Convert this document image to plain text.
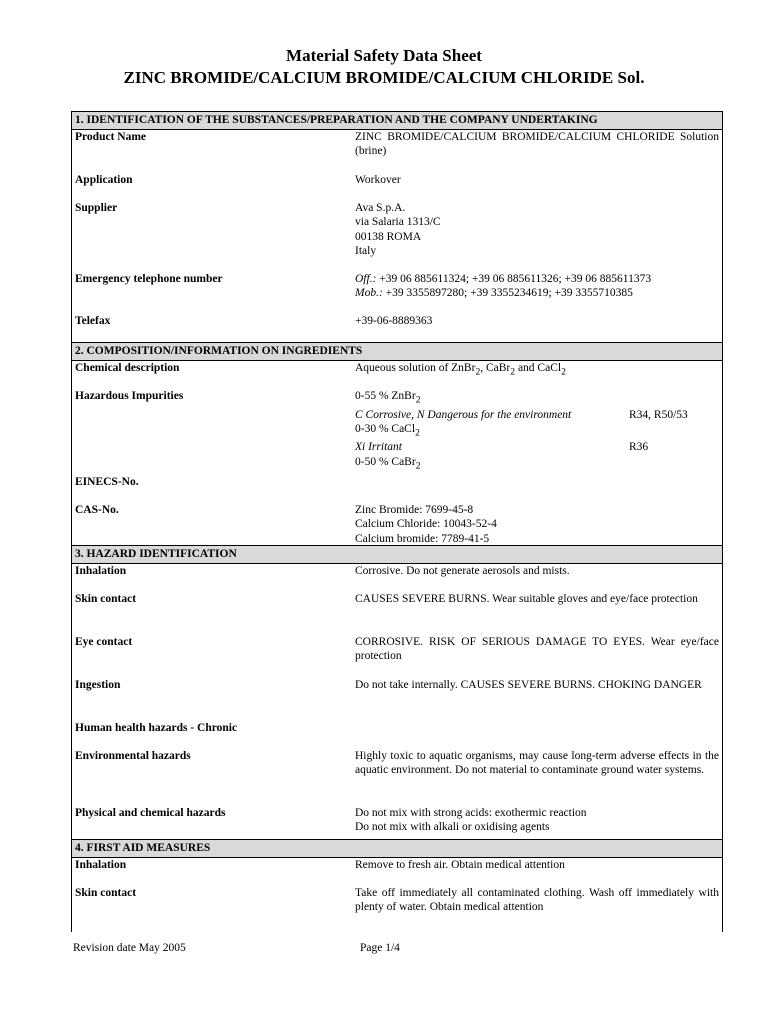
Material Safety Data Sheet
ZINC BROMIDE/CALCIUM BROMIDE/CALCIUM CHLORIDE Sol.
1. IDENTIFICATION OF THE SUBSTANCES/PREPARATION AND THE COMPANY UNDERTAKING
Product Name	ZINC BROMIDE/CALCIUM BROMIDE/CALCIUM CHLORIDE Solution (brine)
Application	Workover
Supplier	Ava S.p.A.
via Salaria 1313/C
00138 ROMA
Italy
Emergency telephone number	Off.: +39 06 885611324; +39 06 885611326; +39 06 885611373
Mob.: +39 3355897280; +39 3355234619; +39 3355710385
Telefax	+39-06-8889363
2. COMPOSITION/INFORMATION ON INGREDIENTS
Chemical description	Aqueous solution of ZnBr$_2$, CaBr$_2$ and CaCl$_2$
Hazardous Impurities	0-55 % ZnBr$_2$
C Corrosive, N Dangerous for the environment	R34, R50/53
0-30 % CaCl$_2$
Xi Irritant	R36
0-50 % CaBr$_2$
EINECS-No.
CAS-No.	Zinc Bromide: 7699-45-8
Calcium Chloride: 10043-52-4
Calcium bromide: 7789-41-5
3. HAZARD IDENTIFICATION
Inhalation	Corrosive. Do not generate aerosols and mists.
Skin contact	CAUSES SEVERE BURNS. Wear suitable gloves and eye/face protection
Eye contact	CORROSIVE. RISK OF SERIOUS DAMAGE TO EYES. Wear eye/face protection
Ingestion	Do not take internally. CAUSES SEVERE BURNS. CHOKING DANGER
Human health hazards - Chronic
Environmental hazards	Highly toxic to aquatic organisms, may cause long-term adverse effects in the aquatic environment. Do not material to contaminate ground water systems.
Physical and chemical hazards	Do not mix with strong acids: exothermic reaction
Do not mix with alkali or oxidising agents
4. FIRST AID MEASURES
Inhalation	Remove to fresh air. Obtain medical attention
Skin contact	Take off immediately all contaminated clothing. Wash off immediately with plenty of water. Obtain medical attention
Revision date May 2005	Page 1/4
